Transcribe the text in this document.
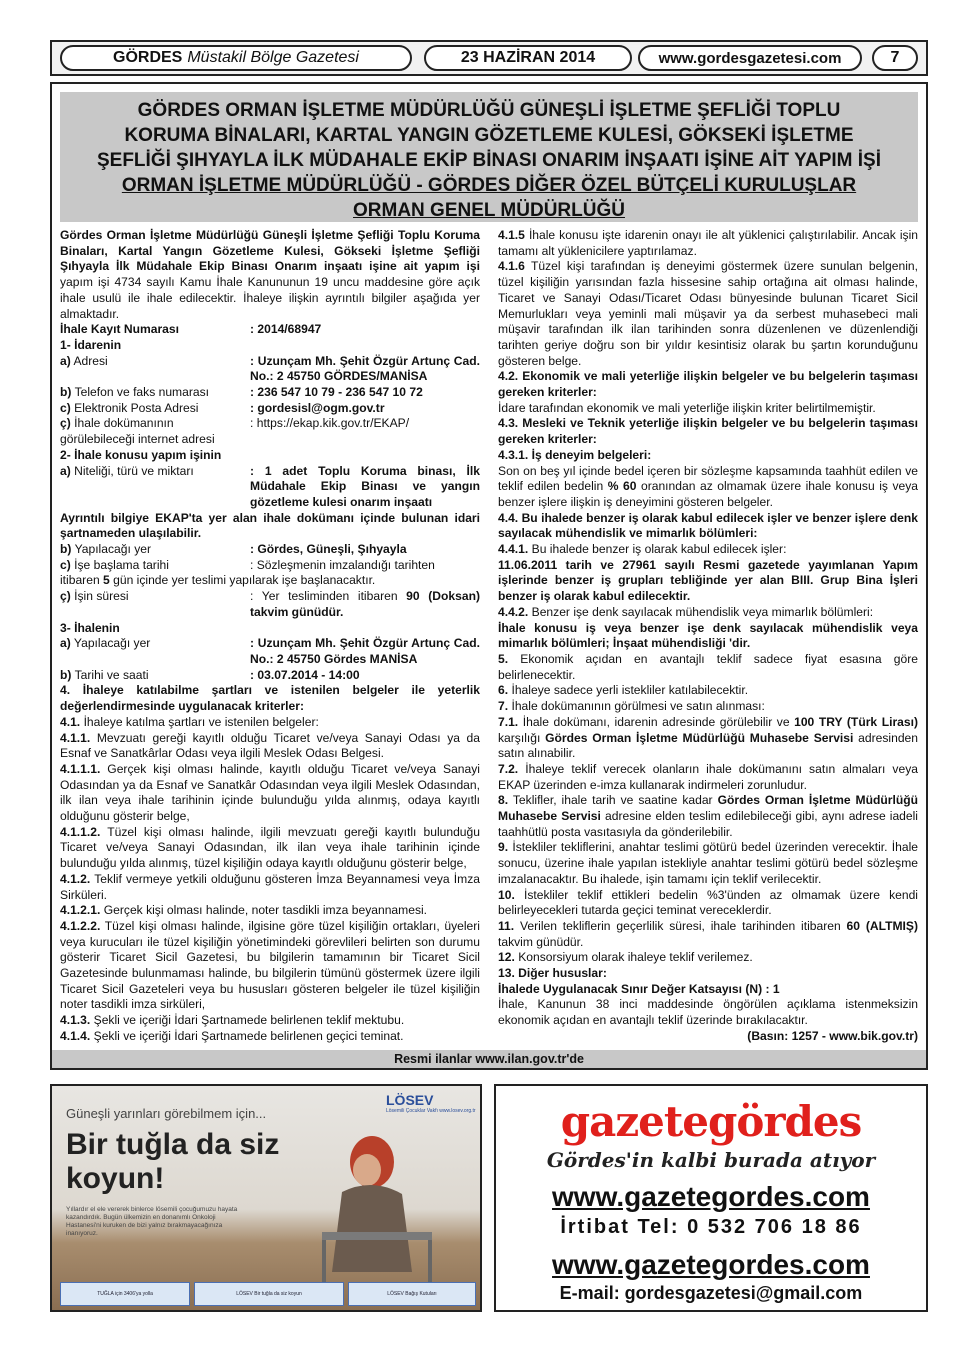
GÖRDES Müstakil Bölge Gazetesi	23 HAZİRAN 2014	www.gordesgazetesi.com	7
GÖRDES ORMAN İŞLETME MÜDÜRLÜĞÜ GÜNEŞLİ İŞLETME ŞEFLİĞİ TOPLU
KORUMA BİNALARI, KARTAL YANGIN GÖZETLEME KULESİ, GÖKSEKİ İŞLETME
ŞEFLİĞİ ŞIHYAYLA İLK MÜDAHALE EKİP BİNASI ONARIM İNŞAATI İŞİNE AİT YAPIM İŞİ
ORMAN İŞLETME MÜDÜRLÜĞÜ - GÖRDES DİĞER ÖZEL BÜTÇELİ KURULUŞLAR
ORMAN GENEL MÜDÜRLÜĞÜ

Gördes Orman İşletme Müdürlüğü Güneşli İşletme Şefliği Toplu Koruma Binaları, Kartal Yangın Gözetleme Kulesi, Gökseki İşletme Şefliği Şıhyayla İlk Müdahale Ekip Binası Onarım inşaatı işine ait yapım işi yapım işi 4734 sayılı Kamu İhale Kanununun 19 uncu maddesine göre açık ihale usulü ile ihale edilecektir. İhaleye ilişkin ayrıntılı bilgiler aşağıda yer almaktadır.

İhale Kayıt Numarası	: 2014/68947

1- İdarenin

a) Adresi	: Uzunçam Mh. Şehit Özgür Artunç Cad. No.: 2 45750 GÖRDES/MANİSA
b) Telefon ve faks numarası	: 236 547 10 79 - 236 547 10 72
c) Elektronik Posta Adresi	: gordesisl@ogm.gov.tr
ç) İhale dokümanının	: https://ekap.kik.gov.tr/EKAP/

görülebileceği internet adresi

2- İhale konusu yapım işinin

a) Niteliği, türü ve miktarı	: 1 adet Toplu Koruma binası, İlk Müdahale Ekip Binası ve yangın gözetleme kulesi onarım inşaatı

Ayrıntılı bilgiye EKAP'ta yer alan ihale dokümanı içinde bulunan idari şartnameden ulaşılabilir.

b) Yapılacağı yer	: Gördes, Güneşli, Şıhyayla
c) İşe başlama tarihi	: Sözleşmenin imzalandığı tarihten

itibaren 5 gün içinde yer teslimi yapılarak işe başlanacaktır.

ç) İşin süresi	: Yer tesliminden itibaren 90 (Doksan) takvim günüdür.

3- İhalenin

a) Yapılacağı yer	: Uzunçam Mh. Şehit Özgür Artunç Cad. No.: 2 45750 Gördes MANİSA
b) Tarihi ve saati	: 03.07.2014 - 14:00

4. İhaleye katılabilme şartları ve istenilen belgeler ile yeterlik değerlendirmesinde uygulanacak kriterler:

4.1. İhaleye katılma şartları ve istenilen belgeler:

4.1.1. Mevzuatı gereği kayıtlı olduğu Ticaret ve/veya Sanayi Odası ya da Esnaf ve Sanatkârlar Odası veya ilgili Meslek Odası Belgesi.

4.1.1.1. Gerçek kişi olması halinde, kayıtlı olduğu Ticaret ve/veya Sanayi Odasından ya da Esnaf ve Sanatkâr Odasından veya ilgili Meslek Odasından, ilk ilan veya ihale tarihinin içinde bulunduğu yılda alınmış, odaya kayıtlı olduğunu gösterir belge,

4.1.1.2. Tüzel kişi olması halinde, ilgili mevzuatı gereği kayıtlı bulunduğu Ticaret ve/veya Sanayi Odasından, ilk ilan veya ihale tarihinin içinde bulunduğu yılda alınmış, tüzel kişiliğin odaya kayıtlı olduğunu gösterir belge,

4.1.2. Teklif vermeye yetkili olduğunu gösteren İmza Beyannamesi veya İmza Sirküleri.

4.1.2.1. Gerçek kişi olması halinde, noter tasdikli imza beyannamesi.

4.1.2.2. Tüzel kişi olması halinde, ilgisine göre tüzel kişiliğin ortakları, üyeleri veya kurucuları ile tüzel kişiliğin yönetimindeki görevlileri belirten son durumu gösterir Ticaret Sicil Gazetesi, bu bilgilerin tamamının bir Ticaret Sicil Gazetesinde bulunmaması halinde, bu bilgilerin tümünü göstermek üzere ilgili Ticaret Sicil Gazeteleri veya bu hususları gösteren belgeler ile tüzel kişiliğin noter tasdikli imza sirküleri,

4.1.3. Şekli ve içeriği İdari Şartnamede belirlenen teklif mektubu.

4.1.4. Şekli ve içeriği İdari Şartnamede belirlenen geçici teminat.

4.1.5 İhale konusu işte idarenin onayı ile alt yüklenici çalıştırılabilir. Ancak işin tamamı alt yüklenicilere yaptırılamaz.

4.1.6 Tüzel kişi tarafından iş deneyimi göstermek üzere sunulan belgenin, tüzel kişiliğin yarısından fazla hissesine sahip ortağına ait olması halinde, Ticaret ve Sanayi Odası/Ticaret Odası bünyesinde bulunan Ticaret Sicil Memurlukları veya yeminli mali müşavir ya da serbest muhasebeci mali müşavir tarafından ilk ilan tarihinden sonra düzenlenen ve düzenlendiği tarihten geriye doğru son bir yıldır kesintisiz olarak bu şartın korunduğunu gösteren belge.

4.2. Ekonomik ve mali yeterliğe ilişkin belgeler ve bu belgelerin taşıması gereken kriterler:

İdare tarafından ekonomik ve mali yeterliğe ilişkin kriter belirtilmemiştir.

4.3. Mesleki ve Teknik yeterliğe ilişkin belgeler ve bu belgelerin taşıması gereken kriterler:

4.3.1. İş deneyim belgeleri:

Son on beş yıl içinde bedel içeren bir sözleşme kapsamında taahhüt edilen ve teklif edilen bedelin % 60 oranından az olmamak üzere ihale konusu iş veya benzer işlere ilişkin iş deneyimini gösteren belgeler.

4.4. Bu ihalede benzer iş olarak kabul edilecek işler ve benzer işlere denk sayılacak mühendislik ve mimarlık bölümleri:

4.4.1. Bu ihalede benzer iş olarak kabul edilecek işler:

11.06.2011 tarih ve 27961 sayılı Resmi gazetede yayımlanan Yapım işlerinde benzer iş grupları tebliğinde yer alan BIII. Grup Bina İşleri benzer iş olarak kabul edilecektir.

4.4.2. Benzer işe denk sayılacak mühendislik veya mimarlık bölümleri:

İhale konusu iş veya benzer işe denk sayılacak mühendislik veya mimarlık bölümleri; İnşaat mühendisliği 'dir.

5. Ekonomik açıdan en avantajlı teklif sadece fiyat esasına göre belirlenecektir.

6. İhaleye sadece yerli istekliler katılabilecektir.

7. İhale dokümanının görülmesi ve satın alınması:

7.1. İhale dokümanı, idarenin adresinde görülebilir ve 100 TRY (Türk Lirası) karşılığı Gördes Orman İşletme Müdürlüğü Muhasebe Servisi adresinden satın alınabilir.

7.2. İhaleye teklif verecek olanların ihale dokümanını satın almaları veya EKAP üzerinden e-imza kullanarak indirmeleri zorunludur.

8. Teklifler, ihale tarih ve saatine kadar Gördes Orman İşletme Müdürlüğü Muhasebe Servisi adresine elden teslim edilebileceği gibi, aynı adrese iadeli taahhütlü posta vasıtasıyla da gönderilebilir.

9. İstekliler tekliflerini, anahtar teslimi götürü bedel üzerinden verecektir. İhale sonucu, üzerine ihale yapılan istekliyle anahtar teslimi götürü bedel sözleşme imzalanacaktır. Bu ihalede, işin tamamı için teklif verilecektir.

10. İstekliler teklif ettikleri bedelin %3'ünden az olmamak üzere kendi belirleyecekleri tutarda geçici teminat vereceklerdir.

11. Verilen tekliflerin geçerlilik süresi, ihale tarihinden itibaren 60 (ALTMIŞ) takvim günüdür.

12. Konsorsiyum olarak ihaleye teklif verilemez.

13. Diğer hususlar:

İhalede Uygulanacak Sınır Değer Katsayısı (N) : 1

İhale, Kanunun 38 inci maddesinde öngörülen açıklama istenmeksizin ekonomik açıdan en avantajlı teklif üzerinde bırakılacaktır.

(Basın: 1257 - www.bik.gov.tr)

Resmi ilanlar www.ilan.gov.tr'de
Güneşli yarınları görebilmem için...
Bir tuğla da siz koyun!
Yıllardır el ele vererek binlerce lösemili çocuğumuzu hayata kazandırdık. Bugün ülkemizin en donanımlı Onkoloji Hastanesi'ni kuruken de bizi yalnız bırakmayacağınıza inanıyoruz.
LÖSEV
Lösemili Çocuklar Vakfı www.losev.org.tr
TUĞLA için 3406'ya yolla	LÖSEV Bir tuğla da siz koyun	LÖSEV Bağış Kutuları
gazetegördes
Gördes'in kalbi burada atıyor
www.gazetegordes.com
İrtibat Tel: 0 532 706 18 86
www.gazetegordes.com
E-mail: gordesgazetesi@gmail.com
